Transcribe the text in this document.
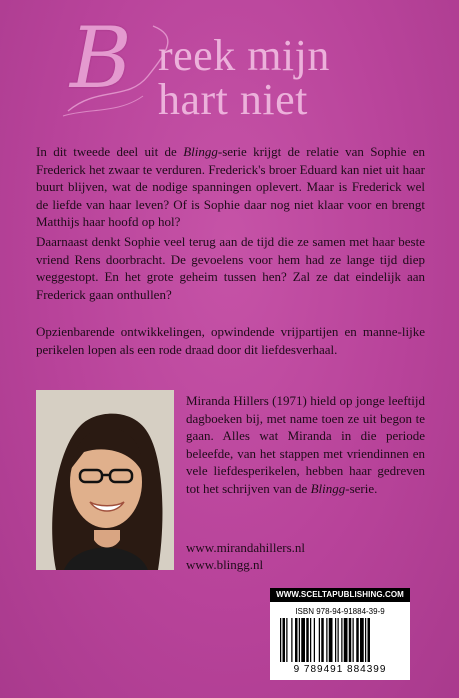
B reek mijn
hart niet

In dit tweede deel uit de Blingg-serie krijgt de relatie van Sophie en Frederick het zwaar te verduren. Frederick's broer Eduard kan niet uit haar buurt blijven, wat de nodige spanningen oplevert. Maar is Frederick wel de liefde van haar leven? Of is Sophie daar nog niet klaar voor en brengt Matthijs haar hoofd op hol?

Daarnaast denkt Sophie veel terug aan de tijd die ze samen met haar beste vriend Rens doorbracht. De gevoelens voor hem had ze lange tijd diep weggestopt. En het grote geheim tussen hen? Zal ze dat eindelijk aan Frederick gaan onthullen?

Opzienbarende ontwikkelingen, opwindende vrijpartijen en manne-lijke perikelen lopen als een rode draad door dit liefdesverhaal.

Miranda Hillers (1971) hield op jonge leeftijd dagboeken bij, met name toen ze uit begon te gaan. Alles wat Miranda in die periode beleefde, van het stappen met vriendinnen en vele liefdesperikelen, hebben haar gedreven tot het schrijven van de Blingg-serie.

www.mirandahillers.nl
www.blingg.nl
WWW.SCELTAPUBLISHING.COM
ISBN 978-94-91884-39-9
9 789491 884399
